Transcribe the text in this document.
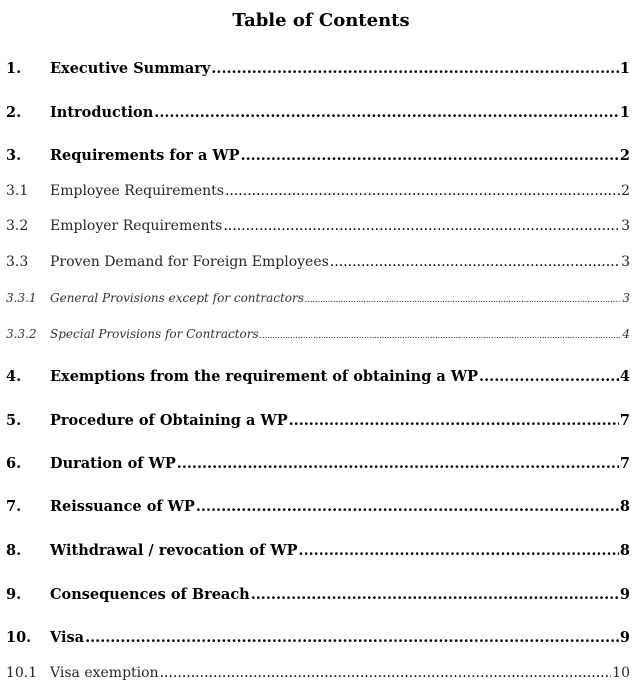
Table of Contents
1.	Executive Summary .....	1
2.	Introduction .....	1
3.	Requirements for a WP .....	2
3.1	Employee Requirements .....	2
3.2	Employer Requirements .....	3
3.3	Proven Demand for Foreign Employees .....	3
3.3.1	General Provisions except for contractors .....	3
3.3.2	Special Provisions for Contractors .....	4
4.	Exemptions from the requirement of obtaining a WP .....	4
5.	Procedure of Obtaining a WP .....	7
6.	Duration of WP .....	7
7.	Reissuance of WP .....	8
8.	Withdrawal / revocation of WP .....	8
9.	Consequences of Breach .....	9
10.	Visa .....	9
10.1 Visa exemption .....	10
